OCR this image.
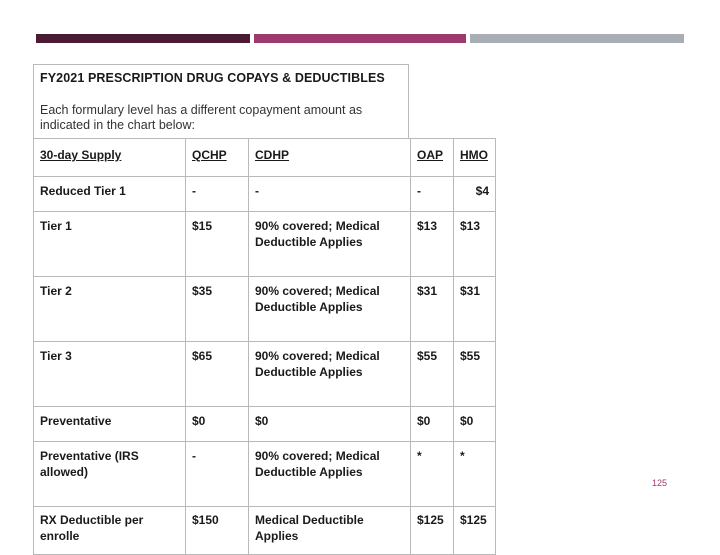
FY2021 PRESCRIPTION DRUG COPAYS & DEDUCTIBLES
Each formulary level has a different copayment amount as indicated in the chart below:
30-day Supply	QCHP	CDHP	OAP	HMO
Reduced Tier 1	-	-	-	$4
Tier 1	$15	90% covered; Medical Deductible Applies	$13	$13
Tier 2	$35	90% covered; Medical Deductible Applies	$31	$31
Tier 3	$65	90% covered; Medical Deductible Applies	$55	$55
Preventative	$0	$0	$0	$0
Preventative (IRS allowed)	-	90% covered; Medical Deductible Applies	*	*
RX Deductible per enrolle	$150	Medical Deductible Applies	$125	$125
125
